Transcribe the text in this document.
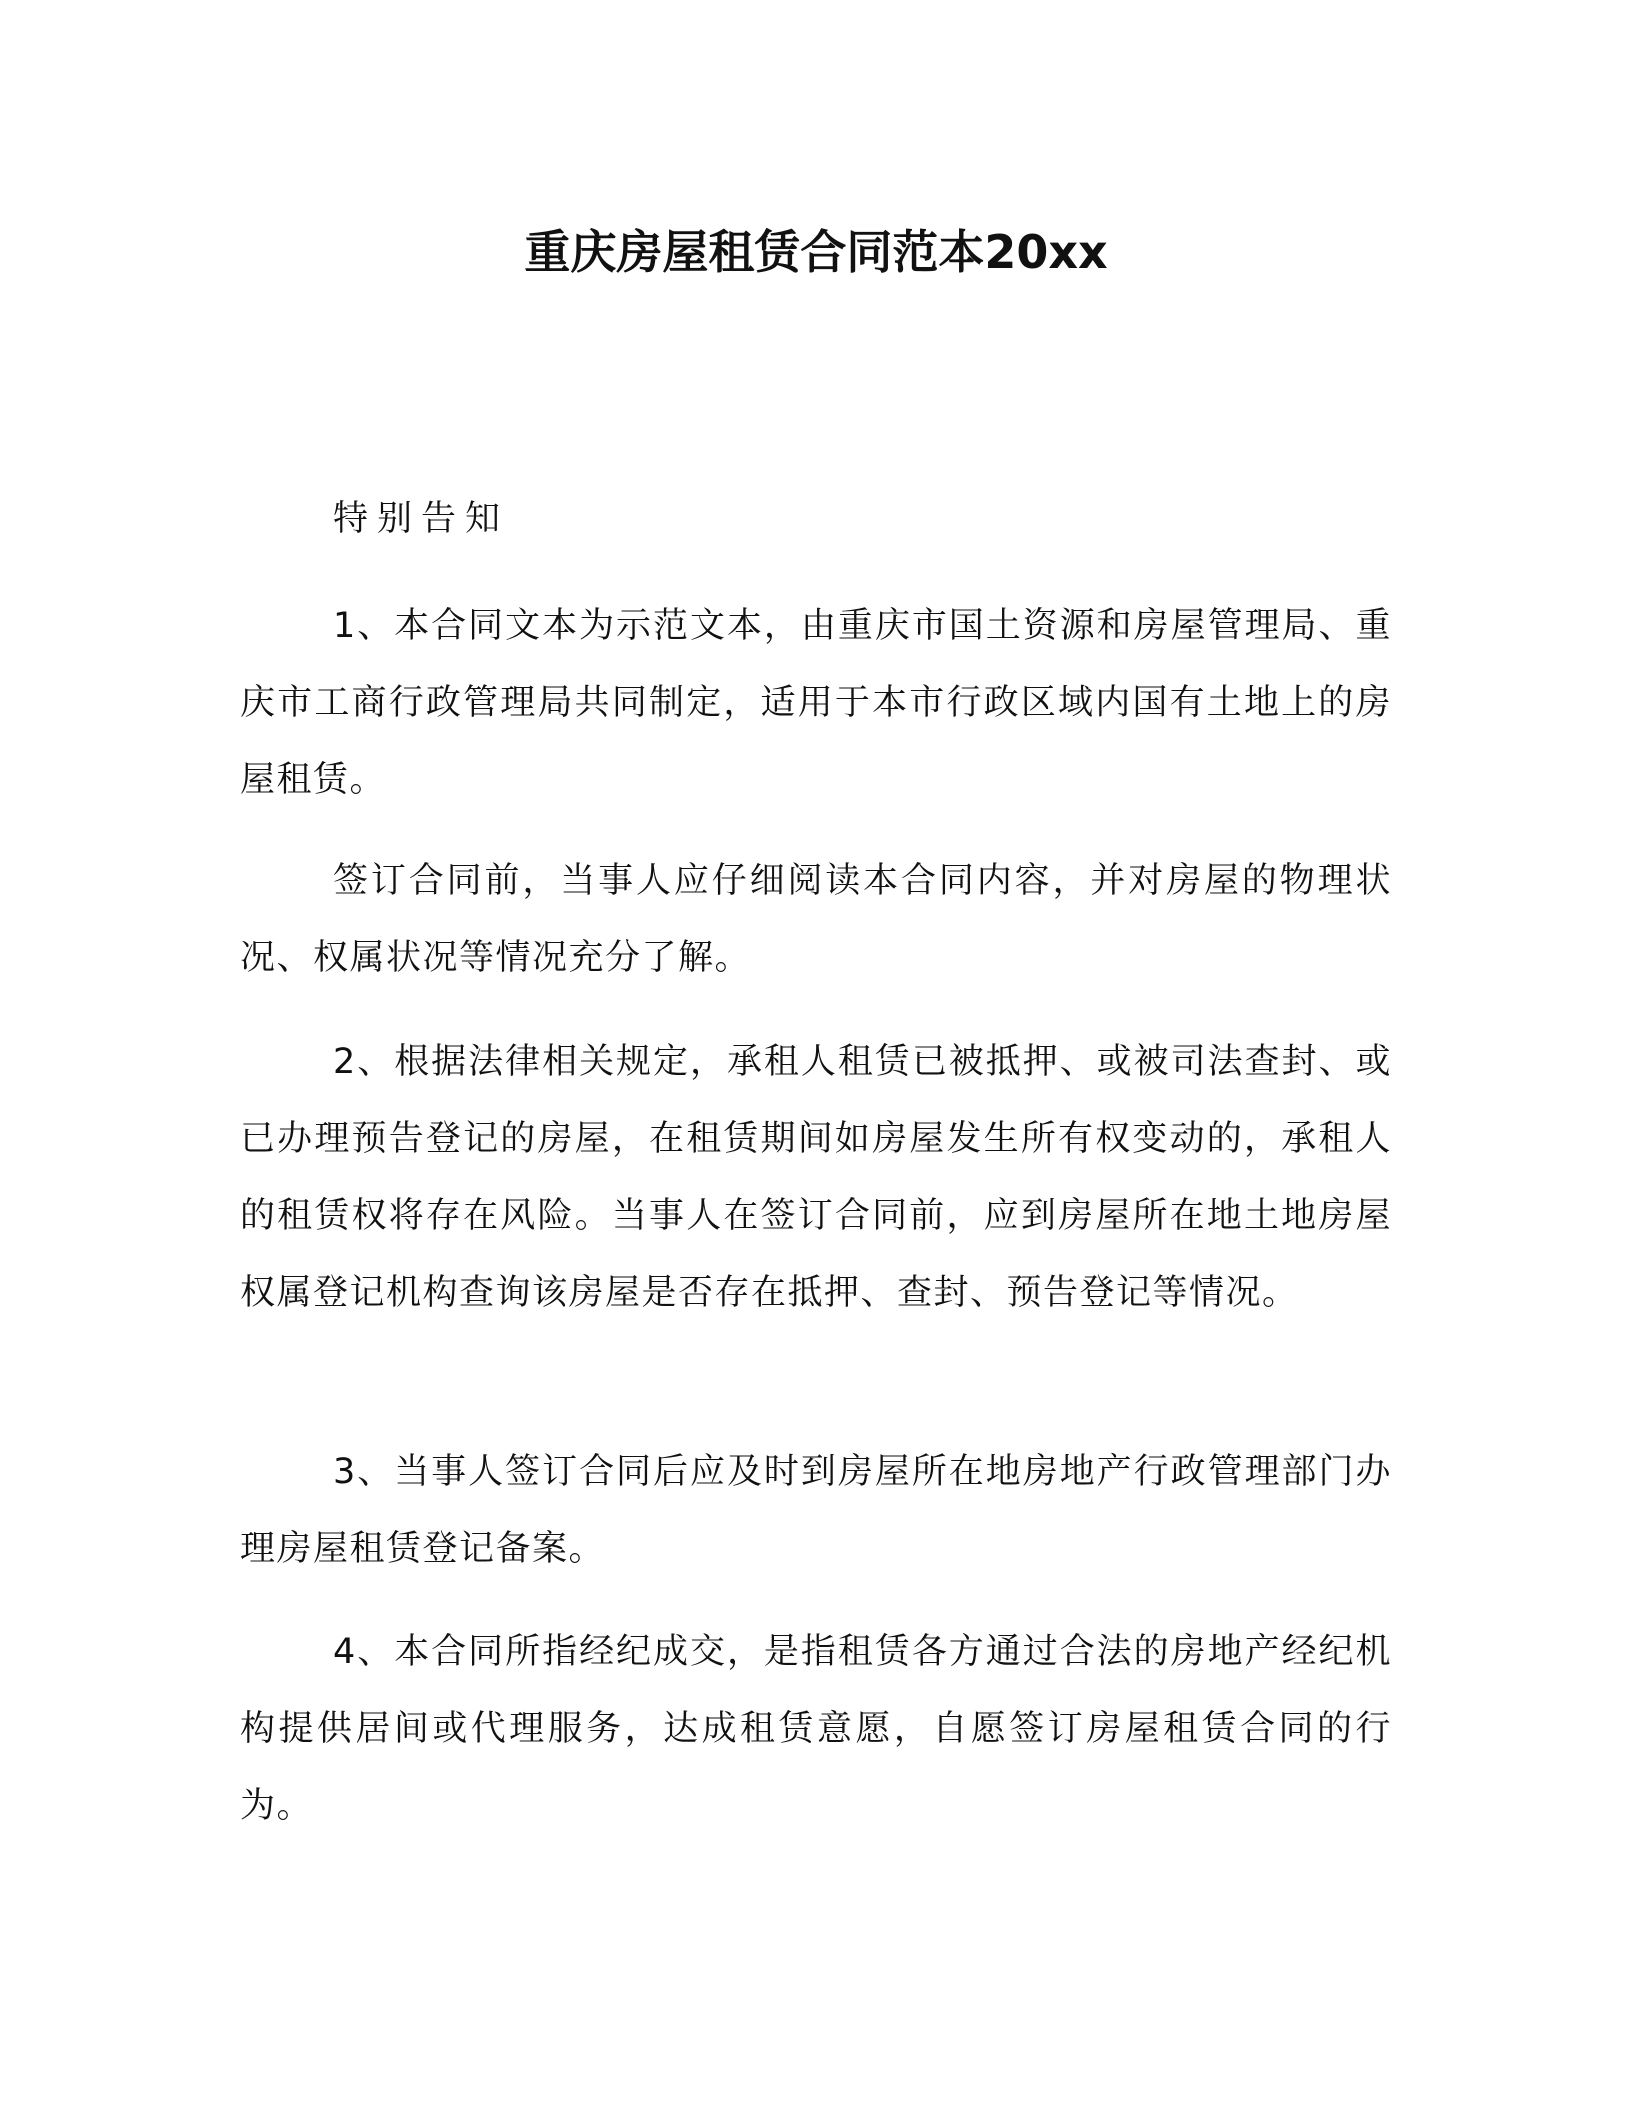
重庆房屋租赁合同范本20xx

特别告知

1、本合同文本为示范文本，由重庆市国土资源和房屋管理局、重庆市工商行政管理局共同制定，适用于本市行政区域内国有土地上的房屋租赁。

签订合同前，当事人应仔细阅读本合同内容，并对房屋的物理状况、权属状况等情况充分了解。

2、根据法律相关规定，承租人租赁已被抵押、或被司法查封、或已办理预告登记的房屋，在租赁期间如房屋发生所有权变动的，承租人的租赁权将存在风险。当事人在签订合同前，应到房屋所在地土地房屋权属登记机构查询该房屋是否存在抵押、查封、预告登记等情况。

3、当事人签订合同后应及时到房屋所在地房地产行政管理部门办理房屋租赁登记备案。

4、本合同所指经纪成交，是指租赁各方通过合法的房地产经纪机构提供居间或代理服务，达成租赁意愿，自愿签订房屋租赁合同的行为。
